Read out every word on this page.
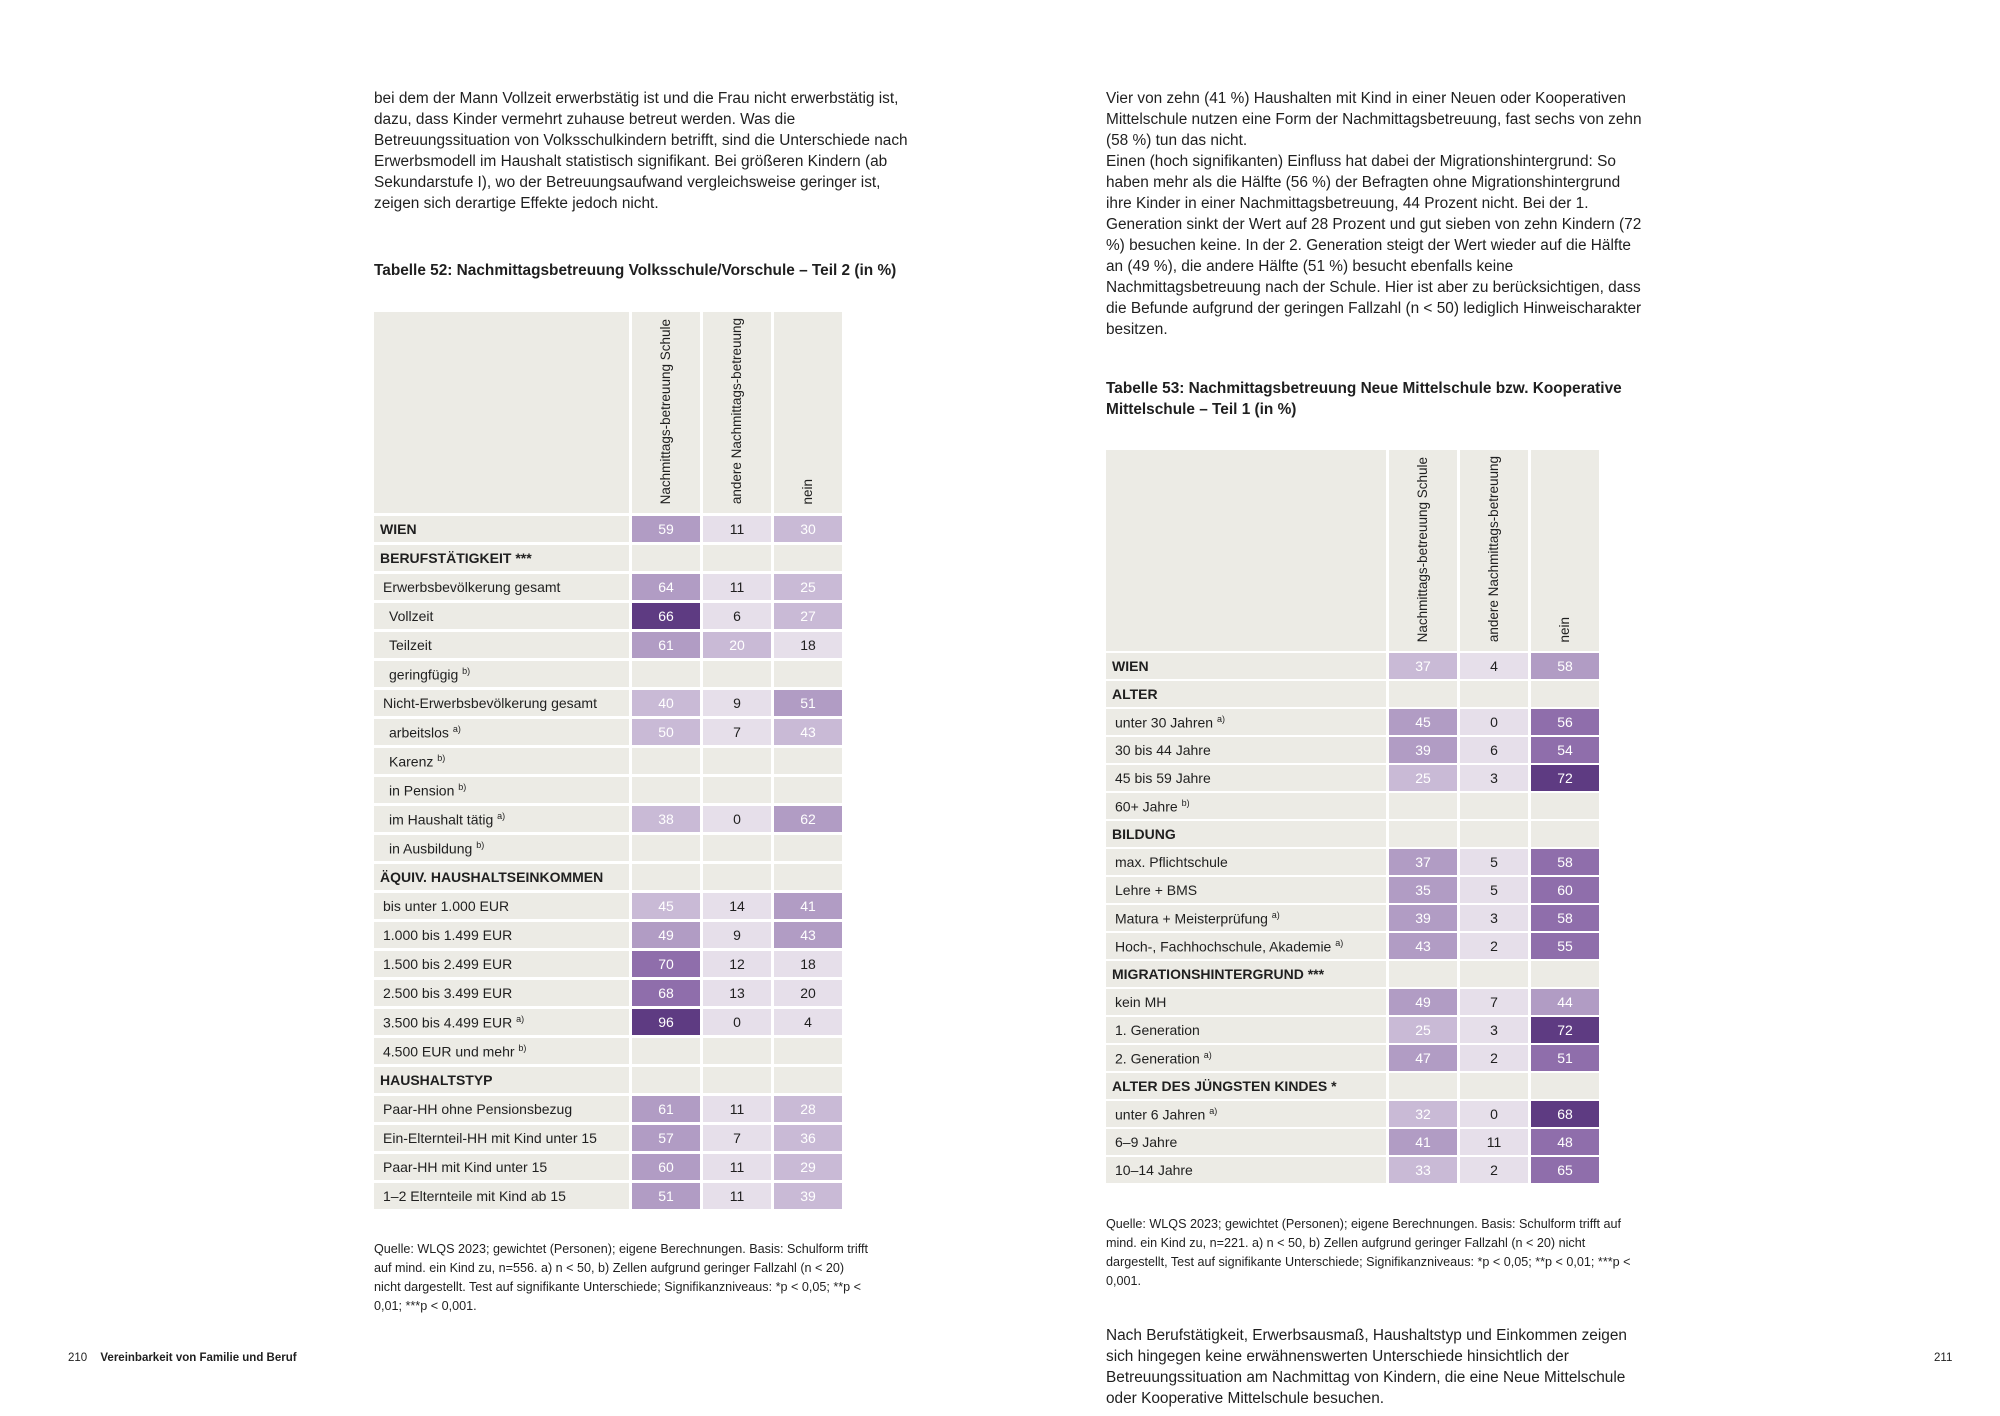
bei dem der Mann Vollzeit erwerbstätig ist und die Frau nicht erwerbstätig ist, dazu, dass Kinder vermehrt zuhause betreut werden. Was die Betreuungssituation von Volksschulkindern betrifft, sind die Unterschiede nach Erwerbsmodell im Haushalt statistisch signifikant. Bei größeren Kindern (ab Sekundarstufe I), wo der Betreuungsaufwand vergleichsweise geringer ist, zeigen sich derartige Effekte jedoch nicht.

Tabelle 52: Nachmittagsbetreuung Volksschule/Vorschule – Teil 2 (in %)

	Nachmittags-betreuung Schule	andere Nachmittags-betreuung	nein
WIEN	59	11	30
BERUFSTÄTIGKEIT ***			
Erwerbsbevölkerung gesamt	64	11	25
Vollzeit	66	6	27
Teilzeit	61	20	18
geringfügig $^{b)}$			
Nicht-Erwerbsbevölkerung gesamt	40	9	51
arbeitslos $^{a)}$	50	7	43
Karenz $^{b)}$			
in Pension $^{b)}$			
im Haushalt tätig $^{a)}$	38	0	62
in Ausbildung $^{b)}$			
ÄQUIV. HAUSHALTSEINKOMMEN			
bis unter 1.000 EUR	45	14	41
1.000 bis 1.499 EUR	49	9	43
1.500 bis 2.499 EUR	70	12	18
2.500 bis 3.499 EUR	68	13	20
3.500 bis 4.499 EUR $^{a)}$	96	0	4
4.500 EUR und mehr $^{b)}$			
HAUSHALTSTYP			
Paar-HH ohne Pensionsbezug	61	11	28
Ein-Elternteil-HH mit Kind unter 15	57	7	36
Paar-HH mit Kind unter 15	60	11	29
1–2 Elternteile mit Kind ab 15	51	11	39

Quelle: WLQS 2023; gewichtet (Personen); eigene Berechnungen. Basis: Schulform trifft auf mind. ein Kind zu, n=556. a) n < 50, b) Zellen aufgrund geringer Fallzahl (n < 20) nicht dargestellt. Test auf signifikante Unterschiede; Signifikanzniveaus: *p < 0,05; **p < 0,01; ***p < 0,001.

210 Vereinbarkeit von Familie und Beruf

Vier von zehn (41 %) Haushalten mit Kind in einer Neuen oder Kooperativen Mittelschule nutzen eine Form der Nachmittagsbetreuung, fast sechs von zehn (58 %) tun das nicht.

Einen (hoch signifikanten) Einfluss hat dabei der Migrationshintergrund: So haben mehr als die Hälfte (56 %) der Befragten ohne Migrationshintergrund ihre Kinder in einer Nachmittagsbetreuung, 44 Prozent nicht. Bei der 1. Generation sinkt der Wert auf 28 Prozent und gut sieben von zehn Kindern (72 %) besuchen keine. In der 2. Generation steigt der Wert wieder auf die Hälfte an (49 %), die andere Hälfte (51 %) besucht ebenfalls keine Nachmittagsbetreuung nach der Schule. Hier ist aber zu berücksichtigen, dass die Befunde aufgrund der geringen Fallzahl (n < 50) lediglich Hinweischarakter besitzen.

Tabelle 53: Nachmittagsbetreuung Neue Mittelschule bzw. Kooperative Mittelschule – Teil 1 (in %)

	Nachmittags-betreuung Schule	andere Nachmittags-betreuung	nein
WIEN	37	4	58
ALTER			
unter 30 Jahren $^{a)}$	45	0	56
30 bis 44 Jahre	39	6	54
45 bis 59 Jahre	25	3	72
60+ Jahre $^{b)}$			
BILDUNG			
max. Pflichtschule	37	5	58
Lehre + BMS	35	5	60
Matura + Meisterprüfung $^{a)}$	39	3	58
Hoch-, Fachhochschule, Akademie $^{a)}$	43	2	55
MIGRATIONSHINTERGRUND ***			
kein MH	49	7	44
1. Generation	25	3	72
2. Generation $^{a)}$	47	2	51
ALTER DES JÜNGSTEN KINDES *			
unter 6 Jahren $^{a)}$	32	0	68
6–9 Jahre	41	11	48
10–14 Jahre	33	2	65

Quelle: WLQS 2023; gewichtet (Personen); eigene Berechnungen. Basis: Schulform trifft auf mind. ein Kind zu, n=221. a) n < 50, b) Zellen aufgrund geringer Fallzahl (n < 20) nicht dargestellt, Test auf signifikante Unterschiede; Signifikanzniveaus: *p < 0,05; **p < 0,01; ***p < 0,001.

Nach Berufstätigkeit, Erwerbsausmaß, Haushaltstyp und Einkommen zeigen sich hingegen keine erwähnenswerten Unterschiede hinsichtlich der Betreuungssituation am Nachmittag von Kindern, die eine Neue Mittelschule oder Kooperative Mittelschule besuchen.

211
